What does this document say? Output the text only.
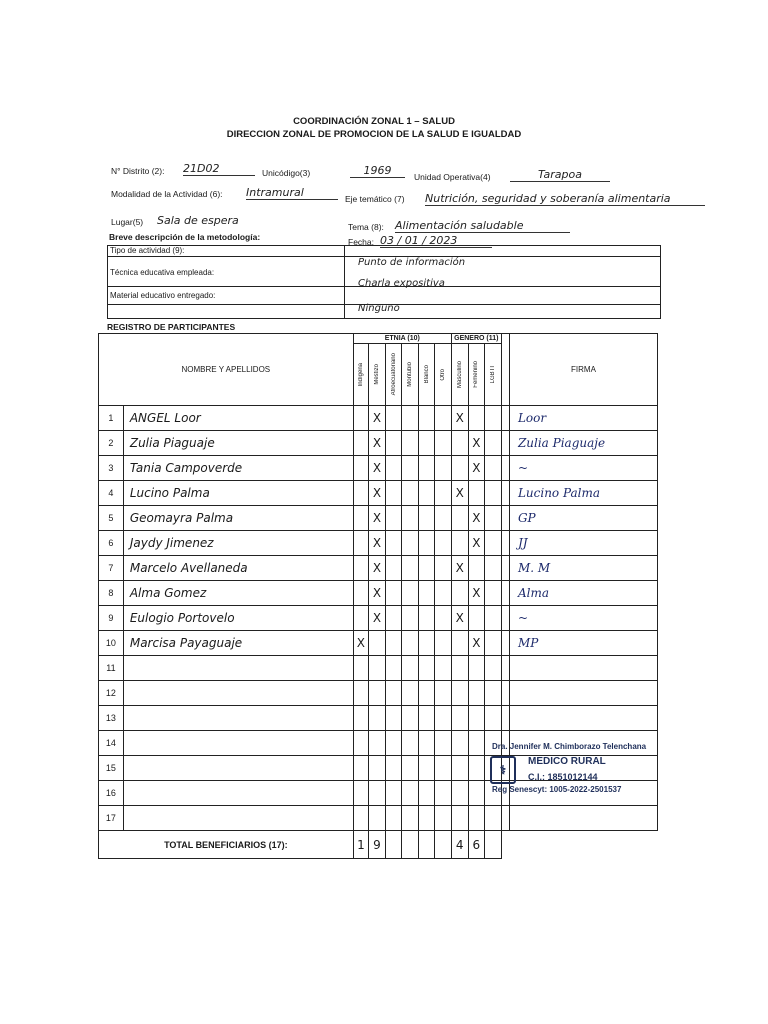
COORDINACIÓN ZONAL 1 – SALUD
DIRECCION ZONAL DE PROMOCION DE LA SALUD E IGUALDAD
N° Distrito (2): 21D02	Unicódigo(3)	1969	Unidad Operativa(4)	Tarapoa
Modalidad de la Actividad (6): Intramural	Eje temático (7) Nutrición, seguridad y soberanía alimentaria
Lugar(5) Sala de espera	Tema (8): Alimentación saludable
Breve descripción de la metodología:	Fecha: 03 / 01 / 2023
Tipo de actividad (9):
Punto de información
Técnica educativa empleada:
Charla expositiva
Material educativo entregado:
Ninguno
REGISTRO DE PARTICIPANTES
NOMBRE Y APELLIDOS		ETNIA (10)						GENERO (11)				FIRMA

		Indígena	Mestizo	Afroecuatoriano	Montubio	Blanco	Otro	Masculino	Femenino	LGBTI		

1	ANGEL Loor		X					X				Loor
2	Zulia Piaguaje		X						X			Zulia Piaguaje
3	Tania Campoverde		X						X			~
4	Lucino Palma		X					X				Lucino Palma
5	Geomayra Palma		X						X			GP
6	Jaydy Jimenez		X						X			JJ
7	Marcelo Avellaneda		X					X				M. M
8	Alma Gomez		X						X			Alma
9	Eulogio Portovelo		X					X				~
10	Marcisa Payaguaje	X							X			MP
11												
12												
13												
14												
15												
16												
17												
TOTAL BENEFICIARIOS (17):		1	9					4	6			
Dra. Jennifer M. Chimborazo Telenchana
⚕
MEDICO RURAL
C.I.: 1851012144
Reg Senescyt: 1005-2022-2501537
